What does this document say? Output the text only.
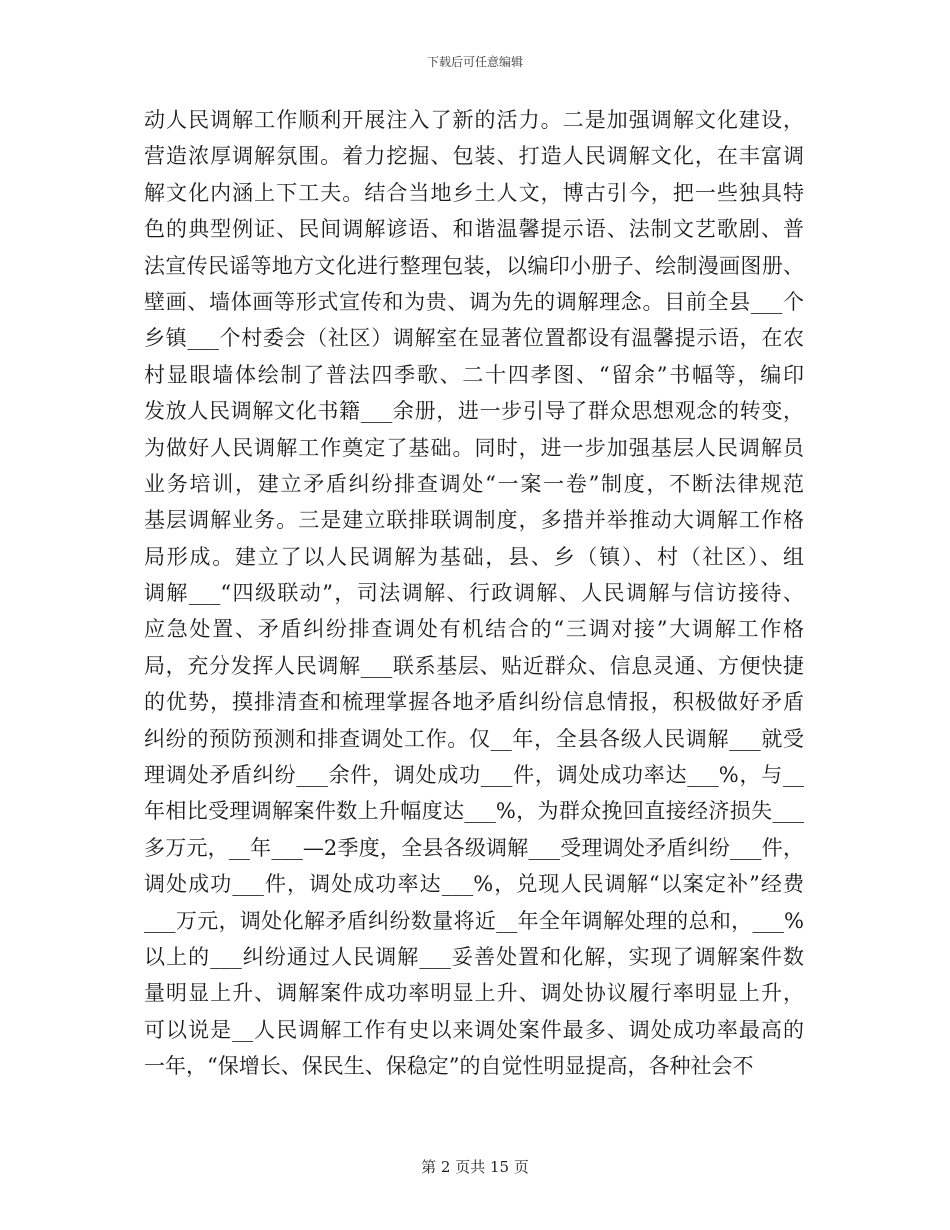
下载后可任意编辑
动人民调解工作顺利开展注入了新的活力。二是加强调解文化建设，
营造浓厚调解氛围。着力挖掘、包装、打造人民调解文化，在丰富调
解文化内涵上下工夫。结合当地乡土人文，博古引今，把一些独具特
色的典型例证、民间调解谚语、和谐温馨提示语、法制文艺歌剧、普
法宣传民谣等地方文化进行整理包装，以编印小册子、绘制漫画图册、
壁画、墙体画等形式宣传和为贵、调为先的调解理念。目前全县___个
乡镇___个村委会（社区）调解室在显著位置都设有温馨提示语，在农
村显眼墙体绘制了普法四季歌、二十四孝图、“留余”书幅等，编印
发放人民调解文化书籍___余册，进一步引导了群众思想观念的转变，
为做好人民调解工作奠定了基础。同时，进一步加强基层人民调解员
业务培训，建立矛盾纠纷排查调处“一案一卷”制度，不断法律规范
基层调解业务。三是建立联排联调制度，多措并举推动大调解工作格
局形成。建立了以人民调解为基础，县、乡（镇）、村（社区）、组
调解___“四级联动”，司法调解、行政调解、人民调解与信访接待、
应急处置、矛盾纠纷排查调处有机结合的“三调对接”大调解工作格
局，充分发挥人民调解___联系基层、贴近群众、信息灵通、方便快捷
的优势，摸排清查和梳理掌握各地矛盾纠纷信息情报，积极做好矛盾
纠纷的预防预测和排查调处工作。仅__年，全县各级人民调解___就受
理调处矛盾纠纷___余件，调处成功___件，调处成功率达___%，与__
年相比受理调解案件数上升幅度达___%，为群众挽回直接经济损失___
多万元，__年___—2季度，全县各级调解___受理调处矛盾纠纷___件，
调处成功___件，调处成功率达___%，兑现人民调解“以案定补”经费
___万元，调处化解矛盾纠纷数量将近__年全年调解处理的总和，___%
以上的___纠纷通过人民调解___妥善处置和化解，实现了调解案件数
量明显上升、调解案件成功率明显上升、调处协议履行率明显上升，
可以说是__人民调解工作有史以来调处案件最多、调处成功率最高的
一年，“保增长、保民生、保稳定”的自觉性明显提高，各种社会不
第 2 页共 15 页
